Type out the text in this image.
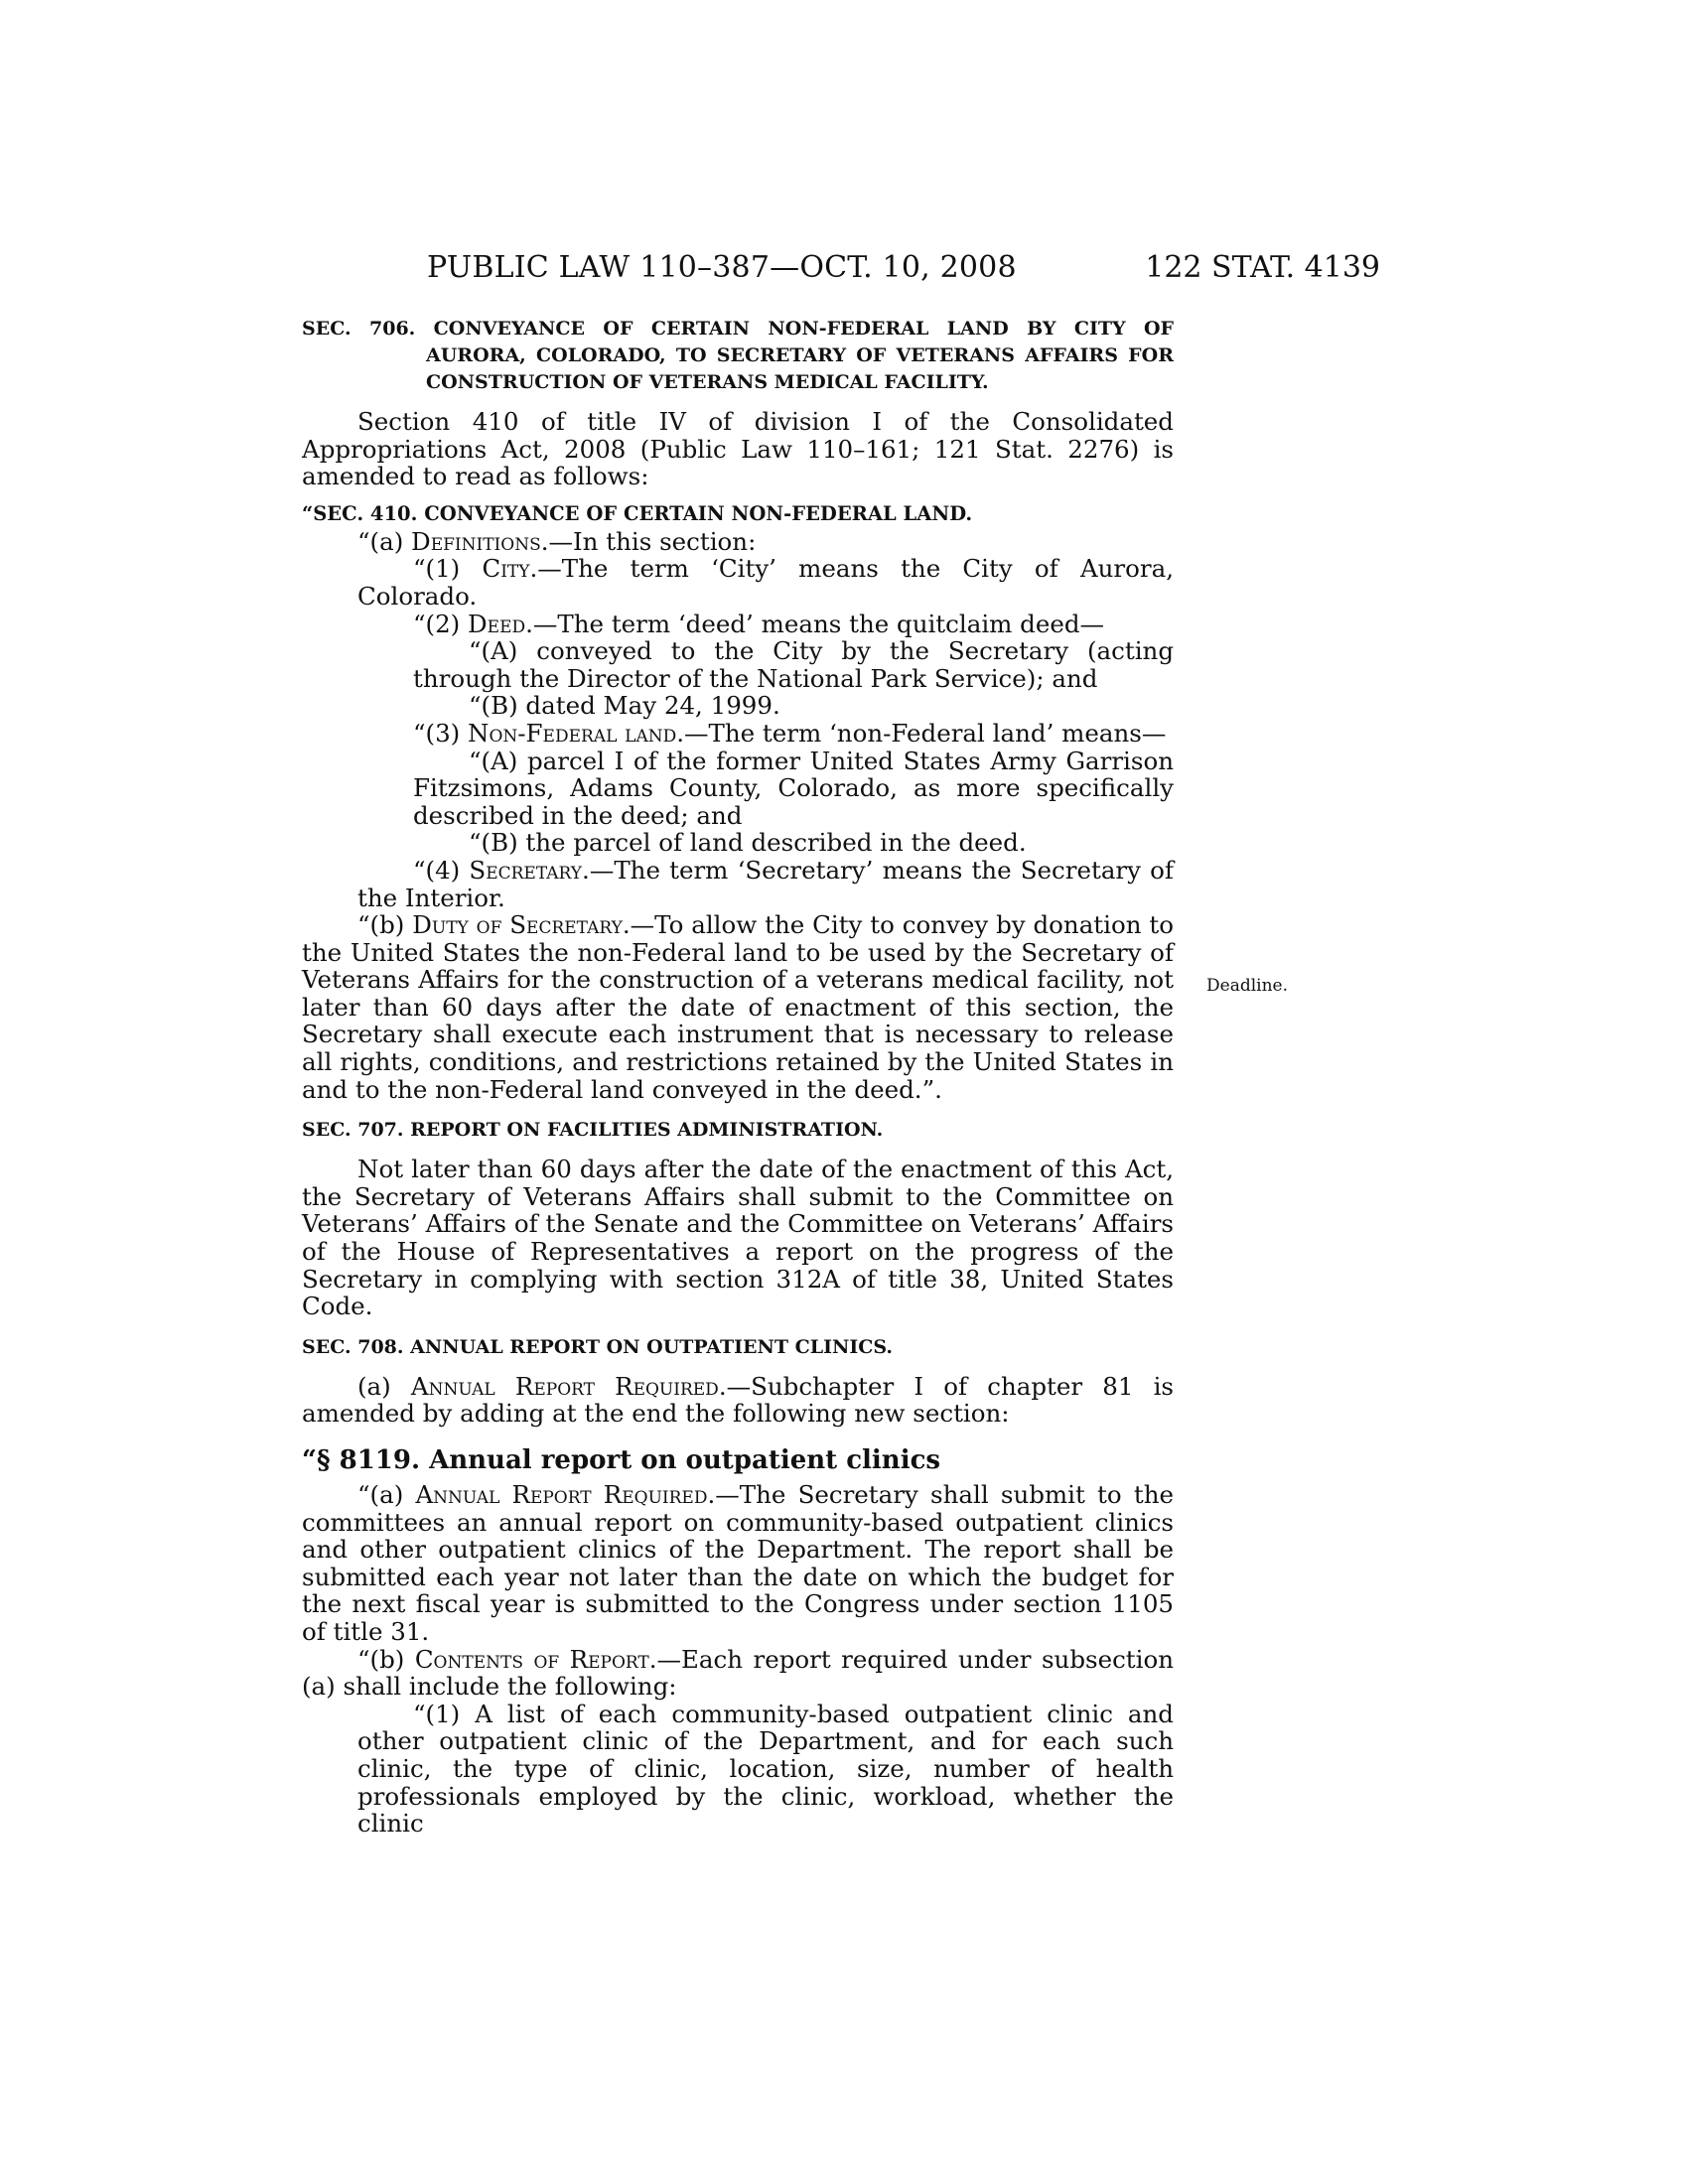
PUBLIC LAW 110–387—OCT. 10, 2008	122 STAT. 4139
Deadline.
SEC. 706. CONVEYANCE OF CERTAIN NON-FEDERAL LAND BY CITY OF AURORA, COLORADO, TO SECRETARY OF VETERANS AFFAIRS FOR CONSTRUCTION OF VETERANS MEDICAL FACILITY.

Section 410 of title IV of division I of the Consolidated Appropriations Act, 2008 (Public Law 110–161; 121 Stat. 2276) is amended to read as follows:

“SEC. 410. CONVEYANCE OF CERTAIN NON-FEDERAL LAND.

“(a) Definitions.—In this section:

“(1) City.—The term ‘City’ means the City of Aurora, Colorado.

“(2) Deed.—The term ‘deed’ means the quitclaim deed—

“(A) conveyed to the City by the Secretary (acting through the Director of the National Park Service); and

“(B) dated May 24, 1999.

“(3) Non-Federal land.—The term ‘non-Federal land’ means—

“(A) parcel I of the former United States Army Garrison Fitzsimons, Adams County, Colorado, as more specifically described in the deed; and

“(B) the parcel of land described in the deed.

“(4) Secretary.—The term ‘Secretary’ means the Secretary of the Interior.

“(b) Duty of Secretary.—To allow the City to convey by donation to the United States the non-Federal land to be used by the Secretary of Veterans Affairs for the construction of a veterans medical facility, not later than 60 days after the date of enactment of this section, the Secretary shall execute each instrument that is necessary to release all rights, conditions, and restrictions retained by the United States in and to the non-Federal land conveyed in the deed.”.

SEC. 707. REPORT ON FACILITIES ADMINISTRATION.

Not later than 60 days after the date of the enactment of this Act, the Secretary of Veterans Affairs shall submit to the Committee on Veterans’ Affairs of the Senate and the Committee on Veterans’ Affairs of the House of Representatives a report on the progress of the Secretary in complying with section 312A of title 38, United States Code.

SEC. 708. ANNUAL REPORT ON OUTPATIENT CLINICS.

(a) Annual Report Required.—Subchapter I of chapter 81 is amended by adding at the end the following new section:

“§ 8119. Annual report on outpatient clinics

“(a) Annual Report Required.—The Secretary shall submit to the committees an annual report on community-based outpatient clinics and other outpatient clinics of the Department. The report shall be submitted each year not later than the date on which the budget for the next fiscal year is submitted to the Congress under section 1105 of title 31.

“(b) Contents of Report.—Each report required under subsection (a) shall include the following:

“(1) A list of each community-based outpatient clinic and other outpatient clinic of the Department, and for each such clinic, the type of clinic, location, size, number of health professionals employed by the clinic, workload, whether the clinic
